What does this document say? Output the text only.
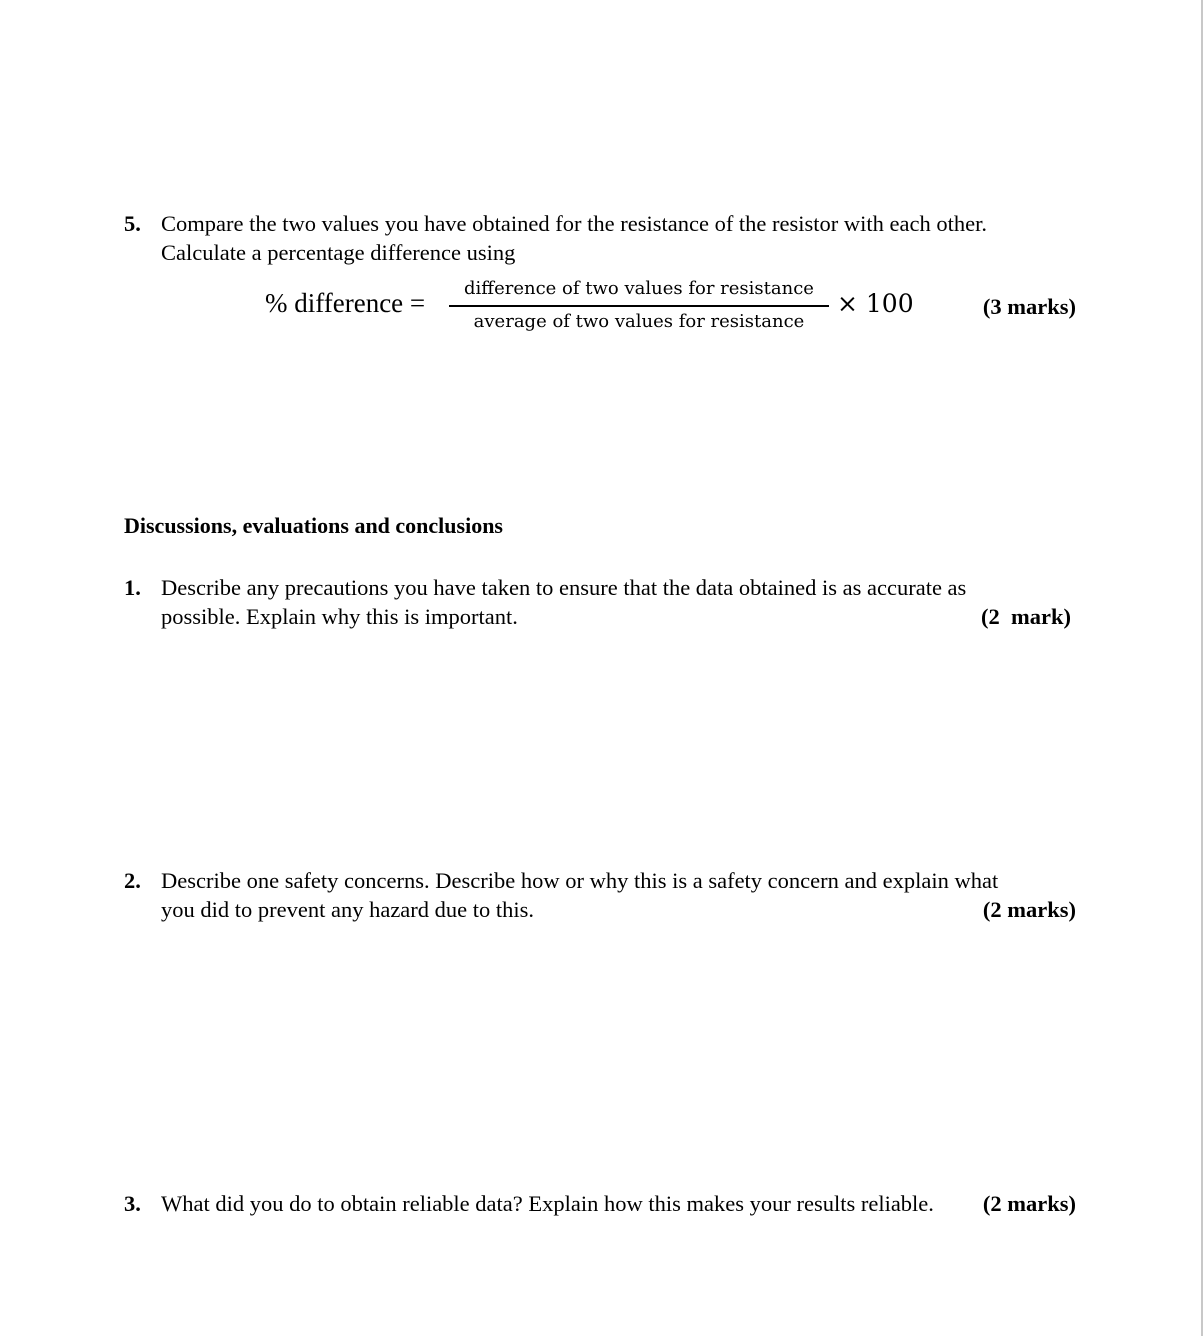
5. Compare the two values you have obtained for the resistance of the resistor with each other.
Calculate a percentage difference using
% difference =	difference of two values for resistance
average of two values for resistance
× 100	(3 marks)
Discussions, evaluations and conclusions
1. Describe any precautions you have taken to ensure that the data obtained is as accurate as
possible. Explain why this is important.	(2  mark)
2. Describe one safety concerns. Describe how or why this is a safety concern and explain what
you did to prevent any hazard due to this.	(2 marks)
3. What did you do to obtain reliable data? Explain how this makes your results reliable. (2 marks)
